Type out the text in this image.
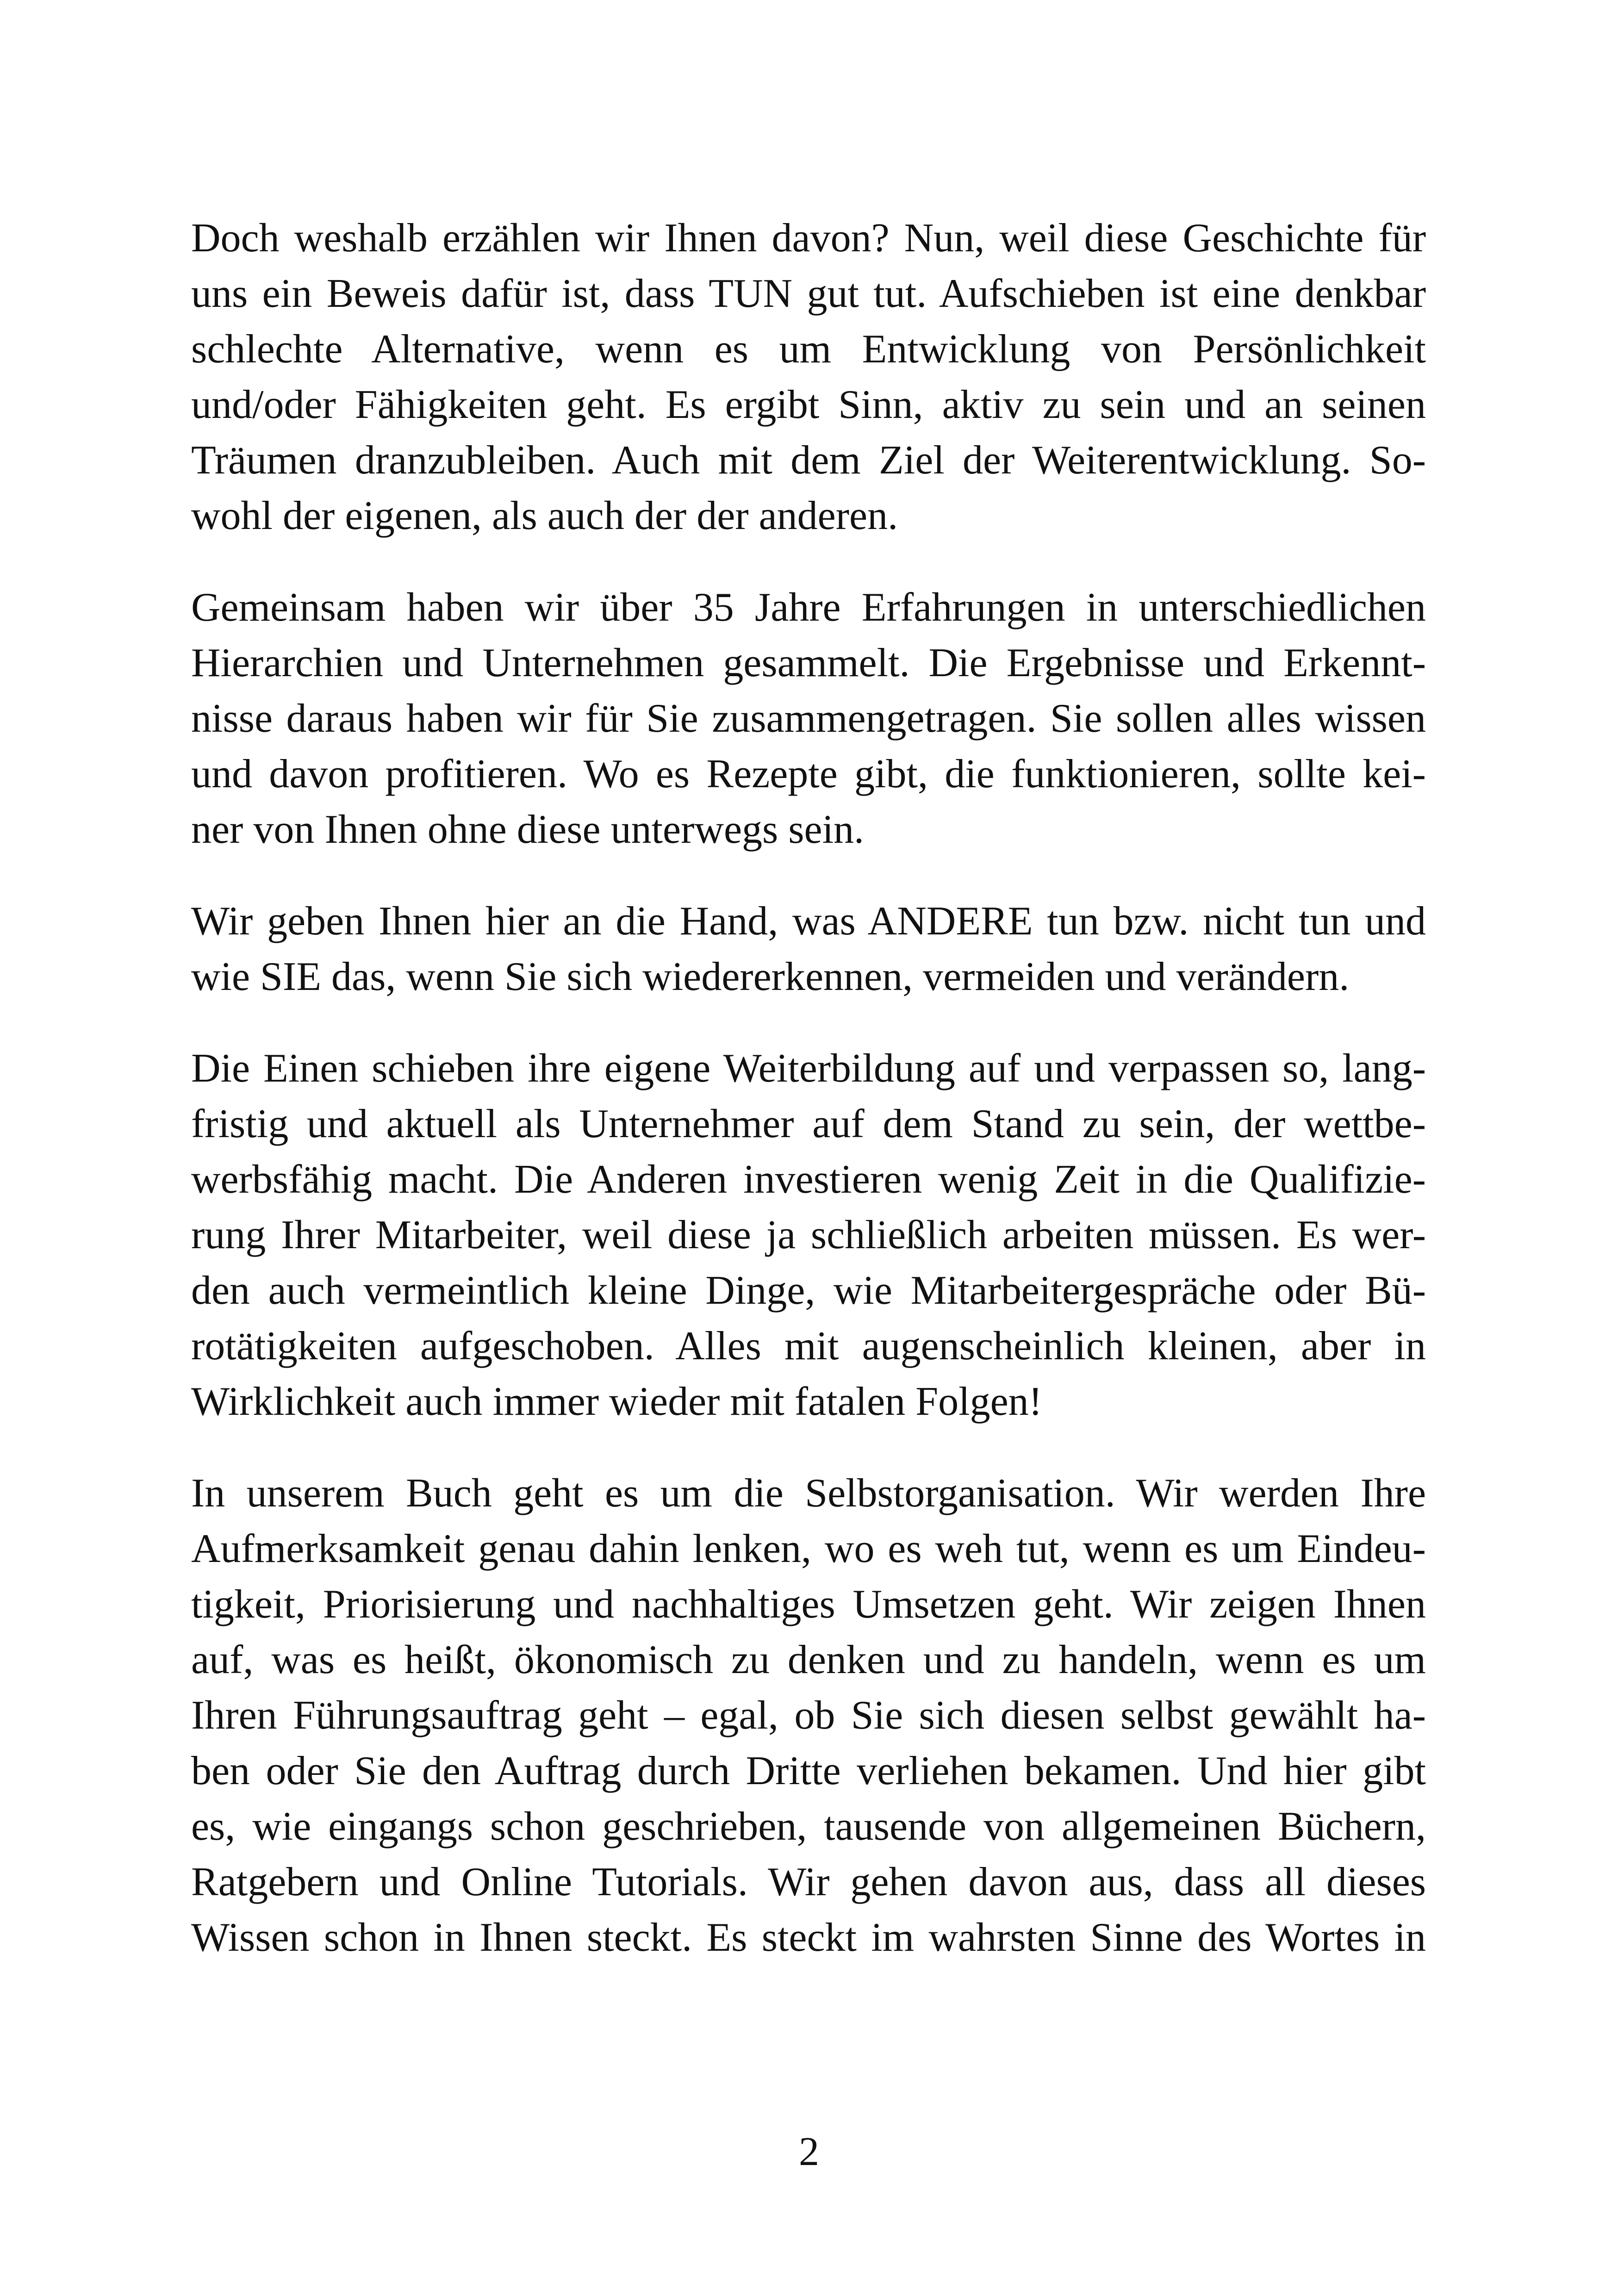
Doch weshalb erzählen wir Ihnen davon? Nun, weil diese Geschichte für
uns ein Beweis dafür ist, dass TUN gut tut. Aufschieben ist eine denkbar
schlechte Alternative, wenn es um Entwicklung von Persönlichkeit
und/oder Fähigkeiten geht. Es ergibt Sinn, aktiv zu sein und an seinen
Träumen dranzubleiben. Auch mit dem Ziel der Weiterentwicklung. So-
wohl der eigenen, als auch der der anderen.
Gemeinsam haben wir über 35 Jahre Erfahrungen in unterschiedlichen
Hierarchien und Unternehmen gesammelt. Die Ergebnisse und Erkennt-
nisse daraus haben wir für Sie zusammengetragen. Sie sollen alles wissen
und davon profitieren. Wo es Rezepte gibt, die funktionieren, sollte kei-
ner von Ihnen ohne diese unterwegs sein.
Wir geben Ihnen hier an die Hand, was ANDERE tun bzw. nicht tun und
wie SIE das, wenn Sie sich wiedererkennen, vermeiden und verändern.
Die Einen schieben ihre eigene Weiterbildung auf und verpassen so, lang-
fristig und aktuell als Unternehmer auf dem Stand zu sein, der wettbe-
werbsfähig macht. Die Anderen investieren wenig Zeit in die Qualifizie-
rung Ihrer Mitarbeiter, weil diese ja schließlich arbeiten müssen. Es wer-
den auch vermeintlich kleine Dinge, wie Mitarbeitergespräche oder Bü-
rotätigkeiten aufgeschoben. Alles mit augenscheinlich kleinen, aber in
Wirklichkeit auch immer wieder mit fatalen Folgen!
In unserem Buch geht es um die Selbstorganisation. Wir werden Ihre
Aufmerksamkeit genau dahin lenken, wo es weh tut, wenn es um Eindeu-
tigkeit, Priorisierung und nachhaltiges Umsetzen geht. Wir zeigen Ihnen
auf, was es heißt, ökonomisch zu denken und zu handeln, wenn es um
Ihren Führungsauftrag geht – egal, ob Sie sich diesen selbst gewählt ha-
ben oder Sie den Auftrag durch Dritte verliehen bekamen. Und hier gibt
es, wie eingangs schon geschrieben, tausende von allgemeinen Büchern,
Ratgebern und Online Tutorials. Wir gehen davon aus, dass all dieses
Wissen schon in Ihnen steckt. Es steckt im wahrsten Sinne des Wortes in
2
